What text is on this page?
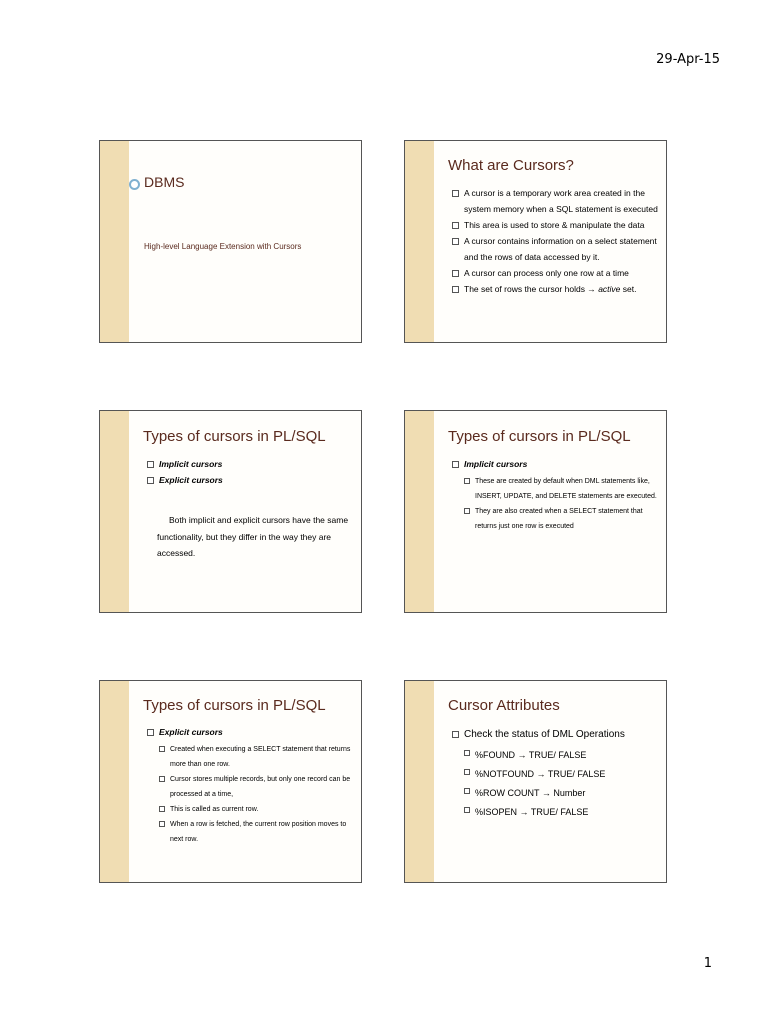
29-Apr-15
DBMS
High-level Language Extension with Cursors
What are Cursors?
A cursor is a temporary work area created in the system memory when a SQL statement is executed
This area is used to store & manipulate the data
A cursor contains information on a select statement and the rows of data accessed by it.
A cursor can process only one row at a time
The set of rows the cursor holds → active set.
Types of cursors in PL/SQL
Implicit cursors
Explicit cursors
Both implicit and explicit cursors have the same functionality, but they differ in the way they are accessed.
Types of cursors in PL/SQL
Implicit cursors
These are created by default when DML statements like, INSERT, UPDATE, and DELETE statements are executed.
They are also created when a SELECT statement that returns just one row is executed
Types of cursors in PL/SQL
Explicit cursors
Created when executing a SELECT statement that returns more than one row.
Cursor stores multiple records, but only one record can be processed at a time,
This is called as current row.
When a row is fetched, the current row position moves to next row.
Cursor Attributes
Check the status of DML Operations
%FOUND → TRUE/ FALSE
%NOTFOUND → TRUE/ FALSE
%ROW COUNT → Number
%ISOPEN → TRUE/ FALSE
1
